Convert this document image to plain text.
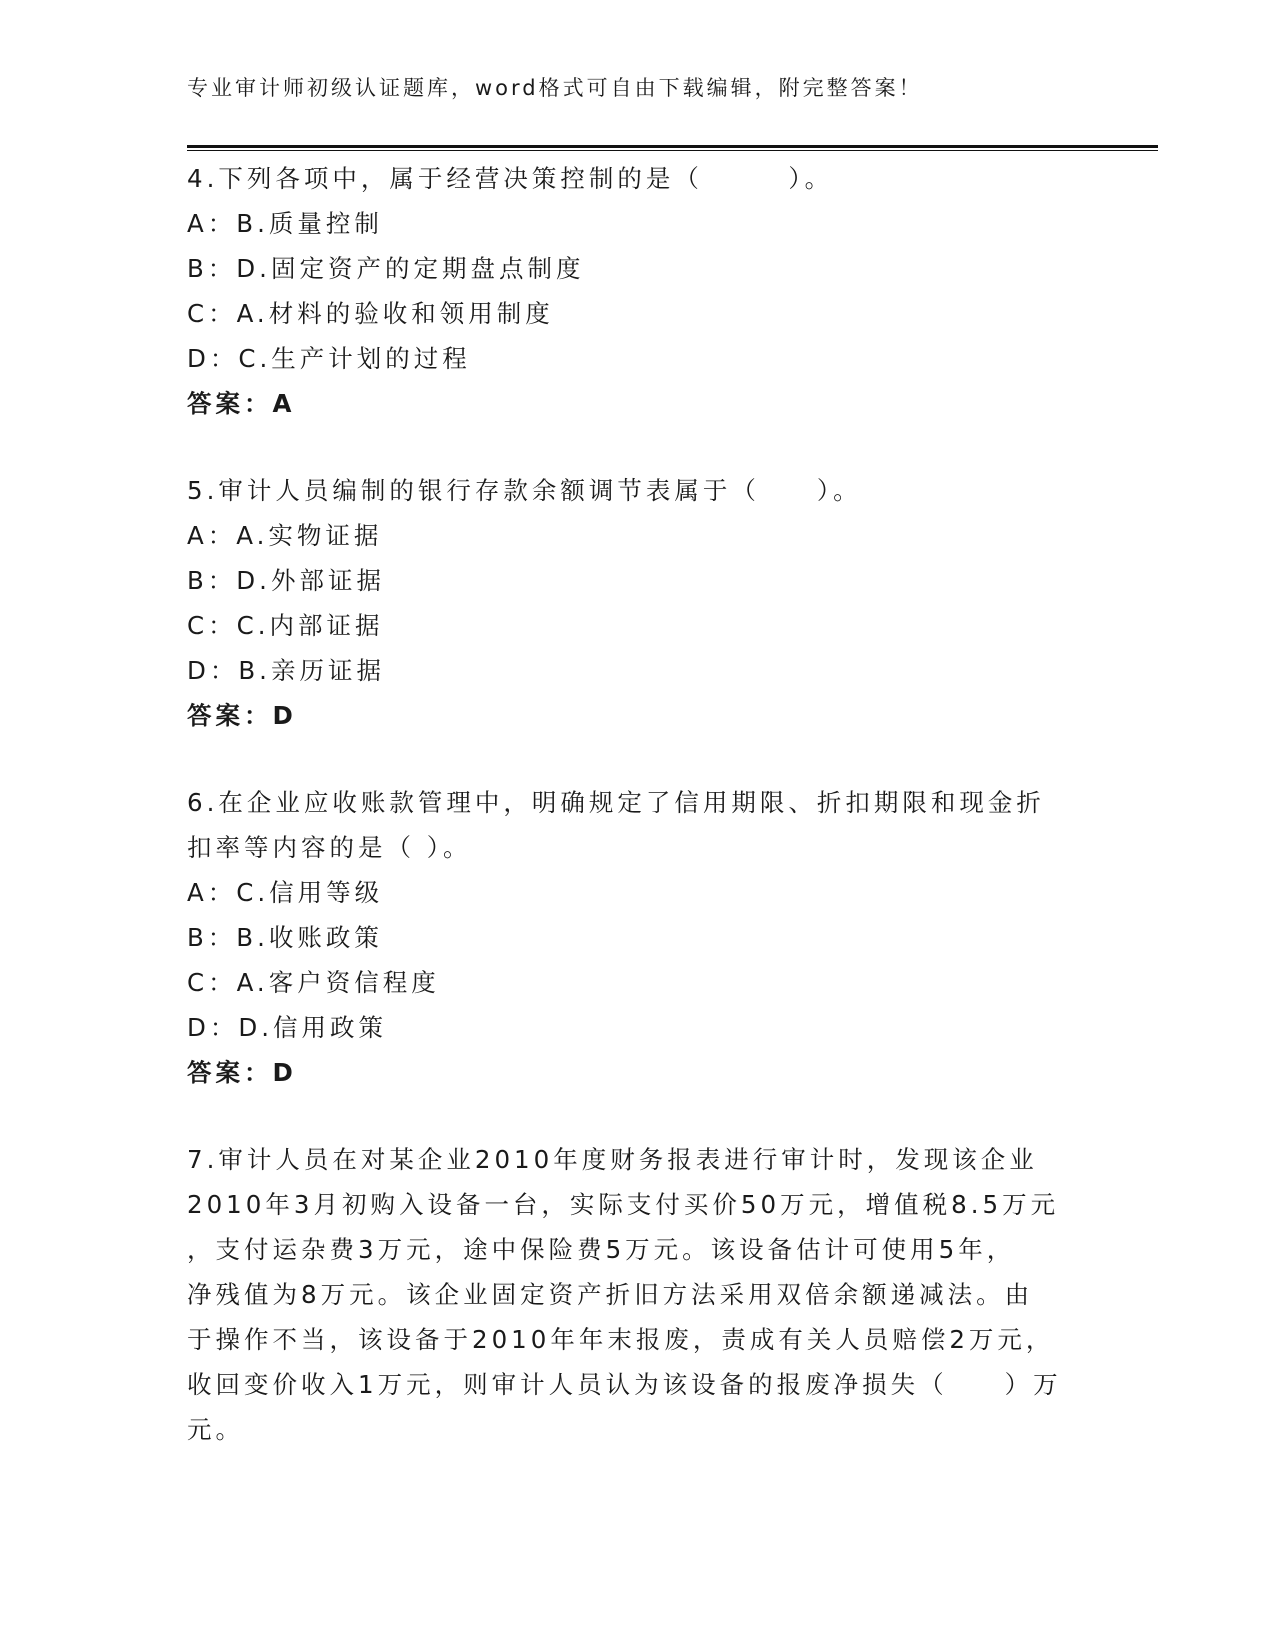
专业审计师初级认证题库，word格式可自由下载编辑，附完整答案！
4.下列各项中，属于经营决策控制的是（　　　）。
A：B.质量控制
B：D.固定资产的定期盘点制度
C：A.材料的验收和领用制度
D：C.生产计划的过程
答案：A
5.审计人员编制的银行存款余额调节表属于（　　）。
A：A.实物证据
B：D.外部证据
C：C.内部证据
D：B.亲历证据
答案：D
6.在企业应收账款管理中，明确规定了信用期限、折扣期限和现金折
扣率等内容的是（ ）。
A：C.信用等级
B：B.收账政策
C：A.客户资信程度
D：D.信用政策
答案：D
7.审计人员在对某企业2010年度财务报表进行审计时，发现该企业
2010年3月初购入设备一台，实际支付买价50万元，增值税8.5万元
，支付运杂费3万元，途中保险费5万元。该设备估计可使用5年，
净残值为8万元。该企业固定资产折旧方法采用双倍余额递减法。由
于操作不当，该设备于2010年年末报废，责成有关人员赔偿2万元，
收回变价收入1万元，则审计人员认为该设备的报废净损失（　　）万
元。
